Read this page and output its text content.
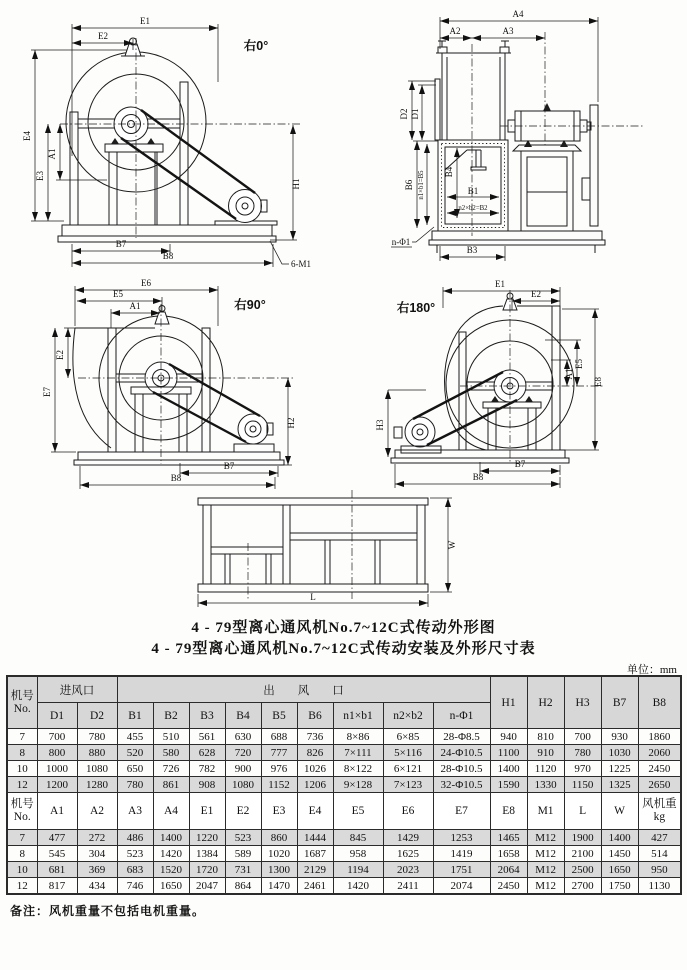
E1
E2
E4
E3
A1
H1
B7
B8
6-M1
右0°
A4
A2	A3
D2 D1
B6 n1×b1=B5 B4
B1
n2×b2=B2
n-Φ1
B3
E6
E5
A1
E2
E7
H2
B7
B8
右90°
E1
E2
E5
A1
E8
H3
B7
B8
右180°
W
L
4 - 79型离心通风机No.7~12C式传动外形图
4 - 79型离心通风机No.7~12C式传动安装及外形尺寸表
单位：mm
机号
No.	进风口		出　　风　　口									H1	H2	H3	B7	B8
	D1	D2	B1	B2	B3	B4	B5	B6	n1×b1	n2×b2	n-Φ1					
7	700	780	455	510	561	630	688	736	8×86	6×85	28-Φ8.5	940	810	700	930	1860
8	800	880	520	580	628	720	777	826	7×111	5×116	24-Φ10.5	1100	910	780	1030	2060
10	1000	1080	650	726	782	900	976	1026	8×122	6×121	28-Φ10.5	1400	1120	970	1225	2450
12	1200	1280	780	861	908	1080	1152	1206	9×128	7×123	32-Φ10.5	1590	1330	1150	1325	2650

机号
No.	A1	A2	A3	A4	E1	E2	E3	E4	E5	E6	E7	E8	M1	L	W	
风机重
kg

7	477	272	486	1400	1220	523	860	1444	845	1429	1253	1465	M12	1900	1400	427
8	545	304	523	1420	1384	589	1020	1687	958	1625	1419	1658	M12	2100	1450	514
10	681	369	683	1520	1720	731	1300	2129	1194	2023	1751	2064	M12	2500	1650	950
12	817	434	746	1650	2047	864	1470	2461	1420	2411	2074	2450	M12	2700	1750	1130
备注：风机重量不包括电机重量。
